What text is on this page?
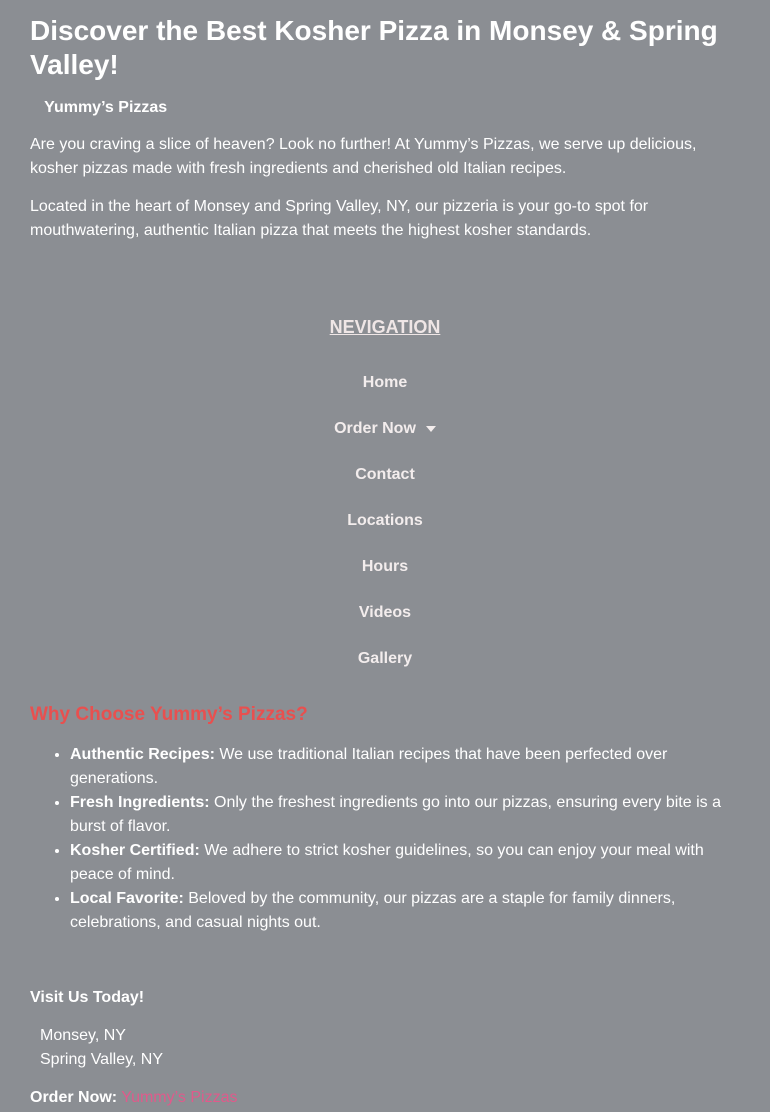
Discover the Best Kosher Pizza in Monsey & Spring Valley!
Yummy’s Pizzas

Are you craving a slice of heaven? Look no further! At Yummy’s Pizzas, we serve up delicious, kosher pizzas made with fresh ingredients and cherished old Italian recipes.

Located in the heart of Monsey and Spring Valley, NY, our pizzeria is your go-to spot for mouthwatering, authentic Italian pizza that meets the highest kosher standards.

NEVIGATION
Home
Order Now
Contact
Locations
Hours
Videos
Gallery
Why Choose Yummy’s Pizzas?
• Authentic Recipes: We use traditional Italian recipes that have been perfected over generations.
• Fresh Ingredients: Only the freshest ingredients go into our pizzas, ensuring every bite is a burst of flavor.
• Kosher Certified: We adhere to strict kosher guidelines, so you can enjoy your meal with peace of mind.
• Local Favorite: Beloved by the community, our pizzas are a staple for family dinners, celebrations, and casual nights out.
Visit Us Today!
Monsey, NY
Spring Valley, NY
Order Now: Yummy’s Pizzas
